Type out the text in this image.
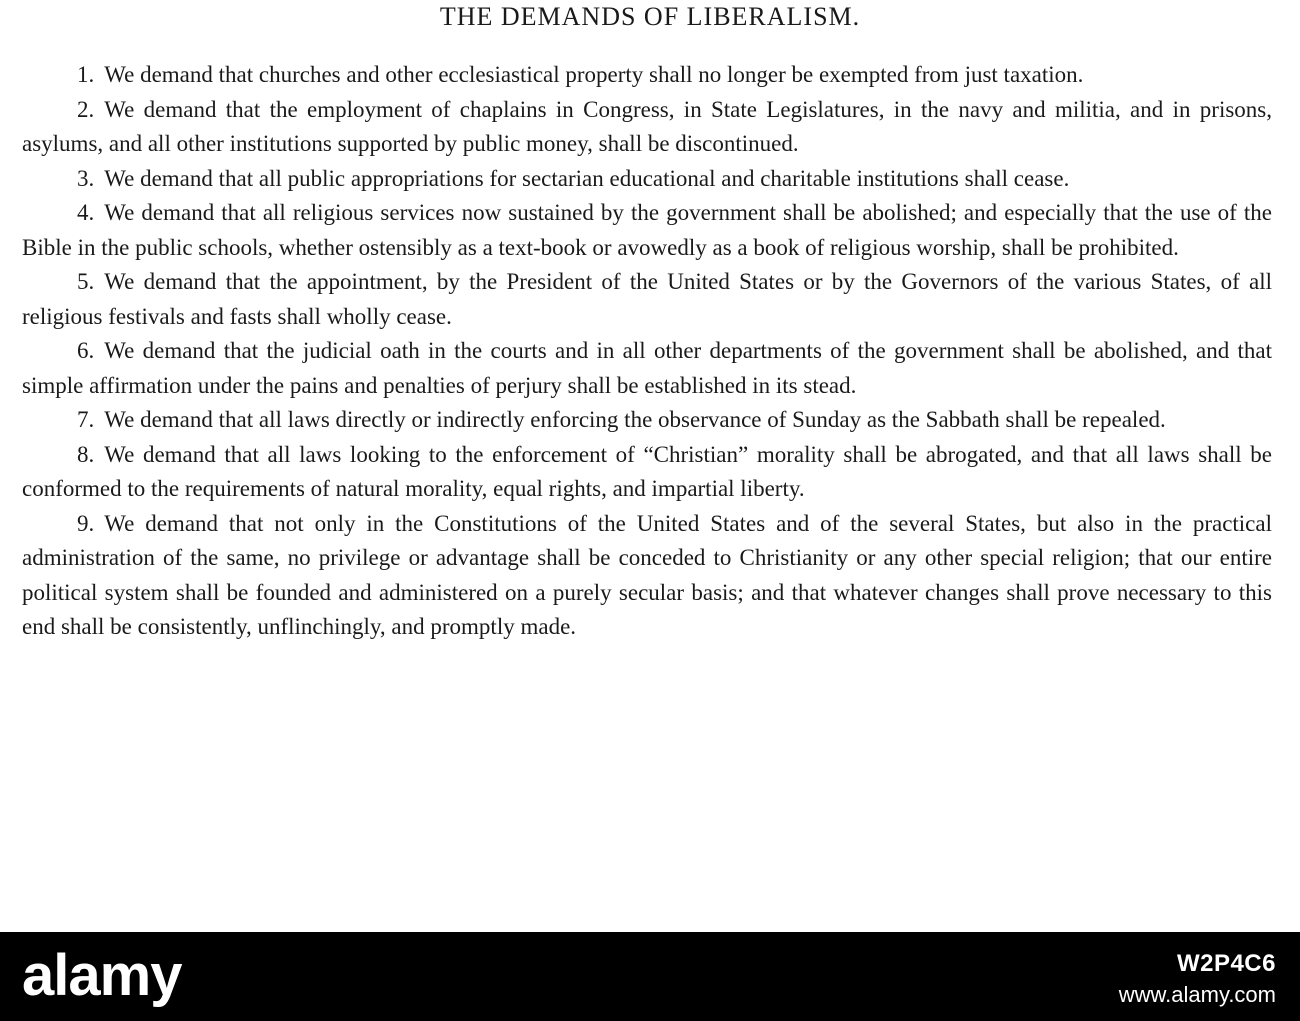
THE DEMANDS OF LIBERALISM.

1. We demand that churches and other ecclesiastical property shall no longer be exempted from just taxation.

2. We demand that the employment of chaplains in Congress, in State Legislatures, in the navy and militia, and in prisons, asylums, and all other institutions supported by public money, shall be discontinued.

3. We demand that all public appropriations for sectarian educational and charitable institutions shall cease.

4. We demand that all religious services now sustained by the government shall be abolished; and especially that the use of the Bible in the public schools, whether ostensibly as a text-book or avowedly as a book of religious worship, shall be prohibited.

5. We demand that the appointment, by the President of the United States or by the Governors of the various States, of all religious festivals and fasts shall wholly cease.

6. We demand that the judicial oath in the courts and in all other departments of the government shall be abolished, and that simple affirmation under the pains and penalties of perjury shall be established in its stead.

7. We demand that all laws directly or indirectly enforcing the observance of Sunday as the Sabbath shall be repealed.

8. We demand that all laws looking to the enforcement of “Christian” morality shall be abrogated, and that all laws shall be conformed to the requirements of natural morality, equal rights, and impartial liberty.

9. We demand that not only in the Constitutions of the United States and of the several States, but also in the practical administration of the same, no privilege or advantage shall be conceded to Christianity or any other special religion; that our entire political system shall be founded and administered on a purely secular basis; and that whatever changes shall prove necessary to this end shall be consistently, unflinchingly, and promptly made.

alamy	W2P4C6
www.alamy.com
